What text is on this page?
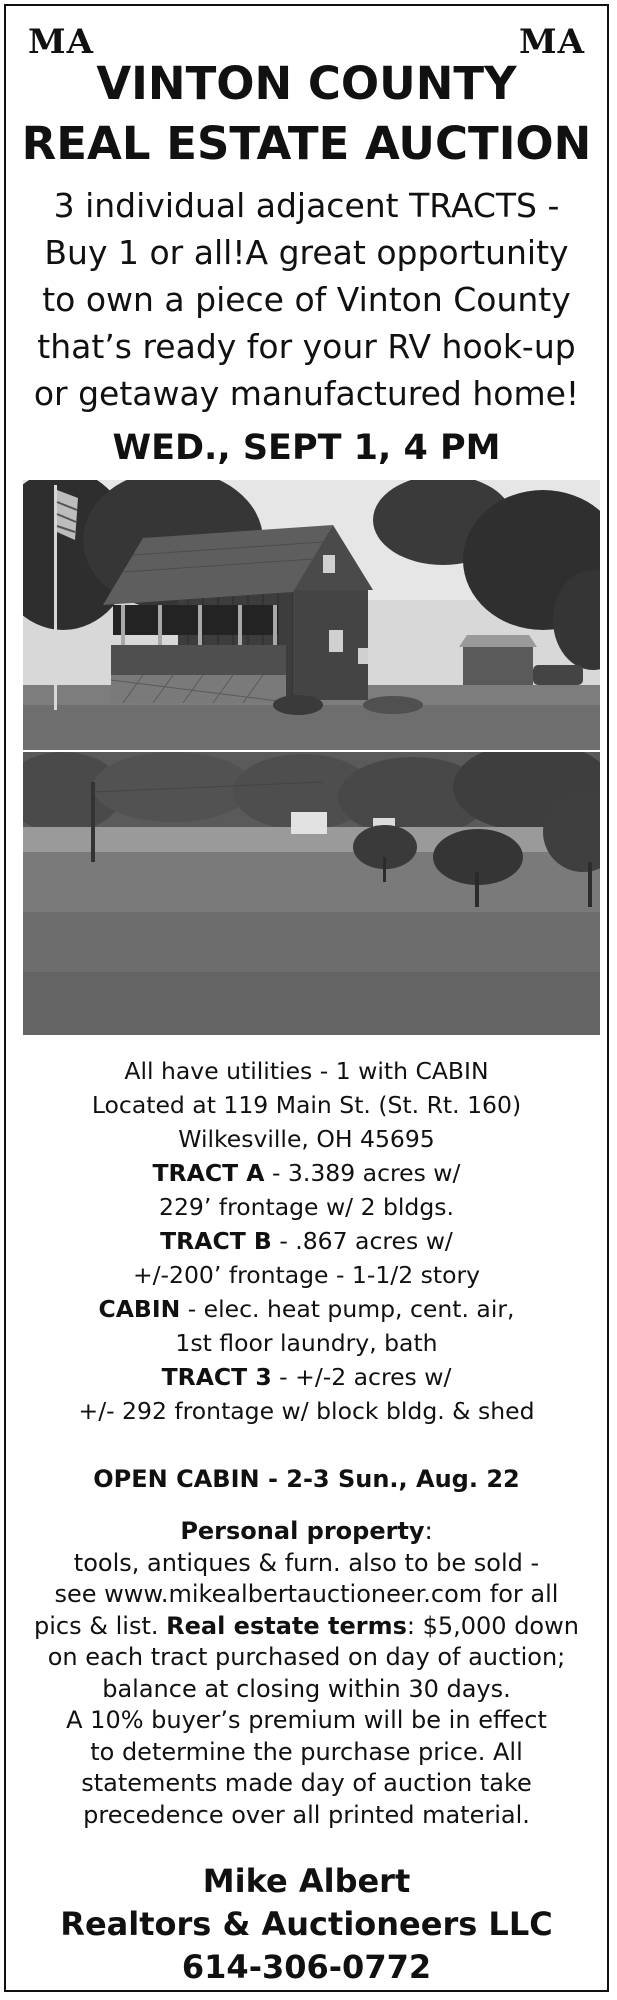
MA	MA
VINTON COUNTY
REAL ESTATE AUCTION
3 individual adjacent TRACTS -
Buy 1 or all!A great opportunity
to own a piece of Vinton County
that’s ready for your RV hook-up
or getaway manufactured home!
WED., SEPT 1, 4 PM
All have utilities - 1 with CABIN
Located at 119 Main St. (St. Rt. 160)
Wilkesville, OH 45695
TRACT A - 3.389 acres w/
229’ frontage w/ 2 bldgs.
TRACT B - .867 acres w/
+/-200’ frontage - 1-1/2 story
CABIN - elec. heat pump, cent. air,
1st floor laundry, bath
TRACT 3 - +/-2 acres w/
+/- 292 frontage w/ block bldg. & shed
OPEN CABIN - 2-3 Sun., Aug. 22
Personal property:
tools, antiques & furn. also to be sold -
see www.mikealbertauctioneer.com for all
pics & list. Real estate terms: $5,000 down
on each tract purchased on day of auction;
balance at closing within 30 days.
A 10% buyer’s premium will be in effect
to determine the purchase price. All
statements made day of auction take
precedence over all printed material.
Mike Albert
Realtors & Auctioneers LLC
614-306-0772
